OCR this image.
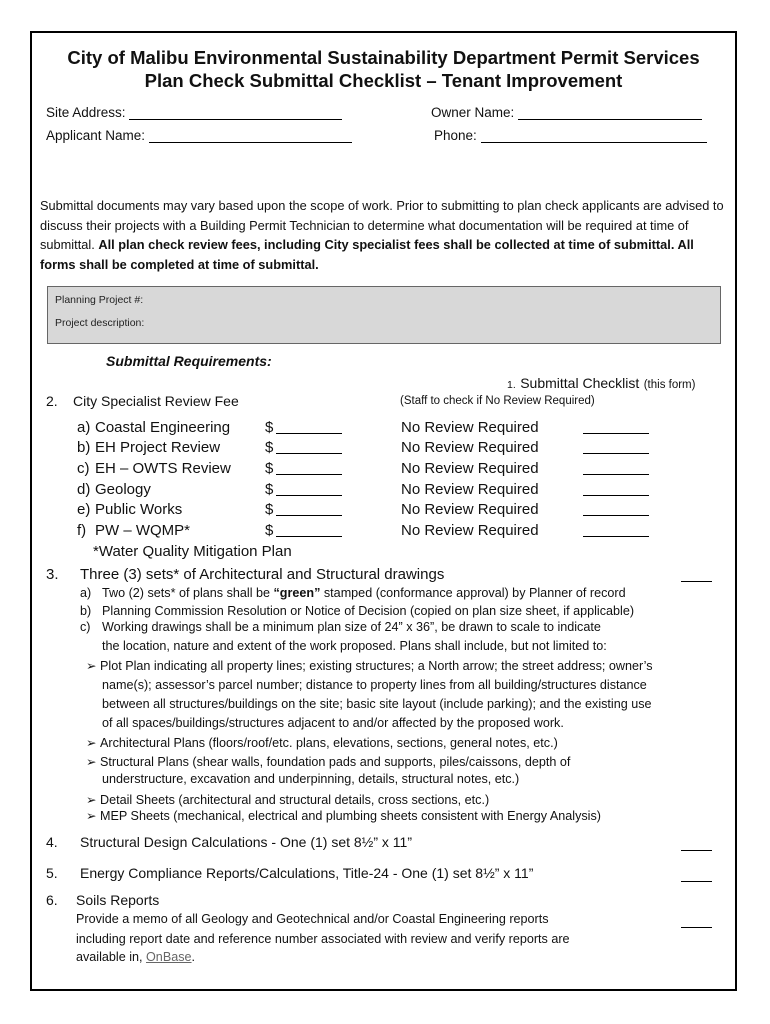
City of Malibu Environmental Sustainability Department Permit Services
Plan Check Submittal Checklist – Tenant Improvement
Site Address:	Owner Name:
Applicant Name:	Phone:
Submittal documents may vary based upon the scope of work. Prior to submitting to plan check applicants are advised to discuss their projects with a Building Permit Technician to determine what documentation will be required at time of submittal. All plan check review fees, including City specialist fees shall be collected at time of submittal. All forms shall be completed at time of submittal.
Planning Project #:
Project description:
Submittal Requirements:
1. Submittal Checklist (this form)
2. City Specialist Review Fee	(Staff to check if No Review Required)
a) Coastal Engineering $	No Review Required
b) EH Project Review	$	No Review Required
c) EH – OWTS Review $	No Review Required
d) Geology	$	No Review Required
e) Public Works	$	No Review Required
f) PW – WQMP*	$	No Review Required
*Water Quality Mitigation Plan
3. Three (3) sets* of Architectural and Structural drawings
a) Two (2) sets* of plans shall be “green” stamped (conformance approval) by Planner of record
b) Planning Commission Resolution or Notice of Decision (copied on plan size sheet, if applicable)
c) Working drawings shall be a minimum plan size of 24” x 36”, be drawn to scale to indicate
the location, nature and extent of the work proposed. Plans shall include, but not limited to:
➢ Plot Plan indicating all property lines; existing structures; a North arrow; the street address; owner’s
name(s); assessor’s parcel number; distance to property lines from all building/structures distance
between all structures/buildings on the site; basic site layout (include parking); and the existing use
of all spaces/buildings/structures adjacent to and/or affected by the proposed work.
➢ Architectural Plans (floors/roof/etc. plans, elevations, sections, general notes, etc.)
➢ Structural Plans (shear walls, foundation pads and supports, piles/caissons, depth of
understructure, excavation and underpinning, details, structural notes, etc.)
➢ Detail Sheets (architectural and structural details, cross sections, etc.)
➢ MEP Sheets (mechanical, electrical and plumbing sheets consistent with Energy Analysis)
4. Structural Design Calculations - One (1) set 8½” x 11”
5. Energy Compliance Reports/Calculations, Title-24 - One (1) set 8½” x 11”
6. Soils Reports
Provide a memo of all Geology and Geotechnical and/or Coastal Engineering reports
including report date and reference number associated with review and verify reports are
available in, OnBase.
